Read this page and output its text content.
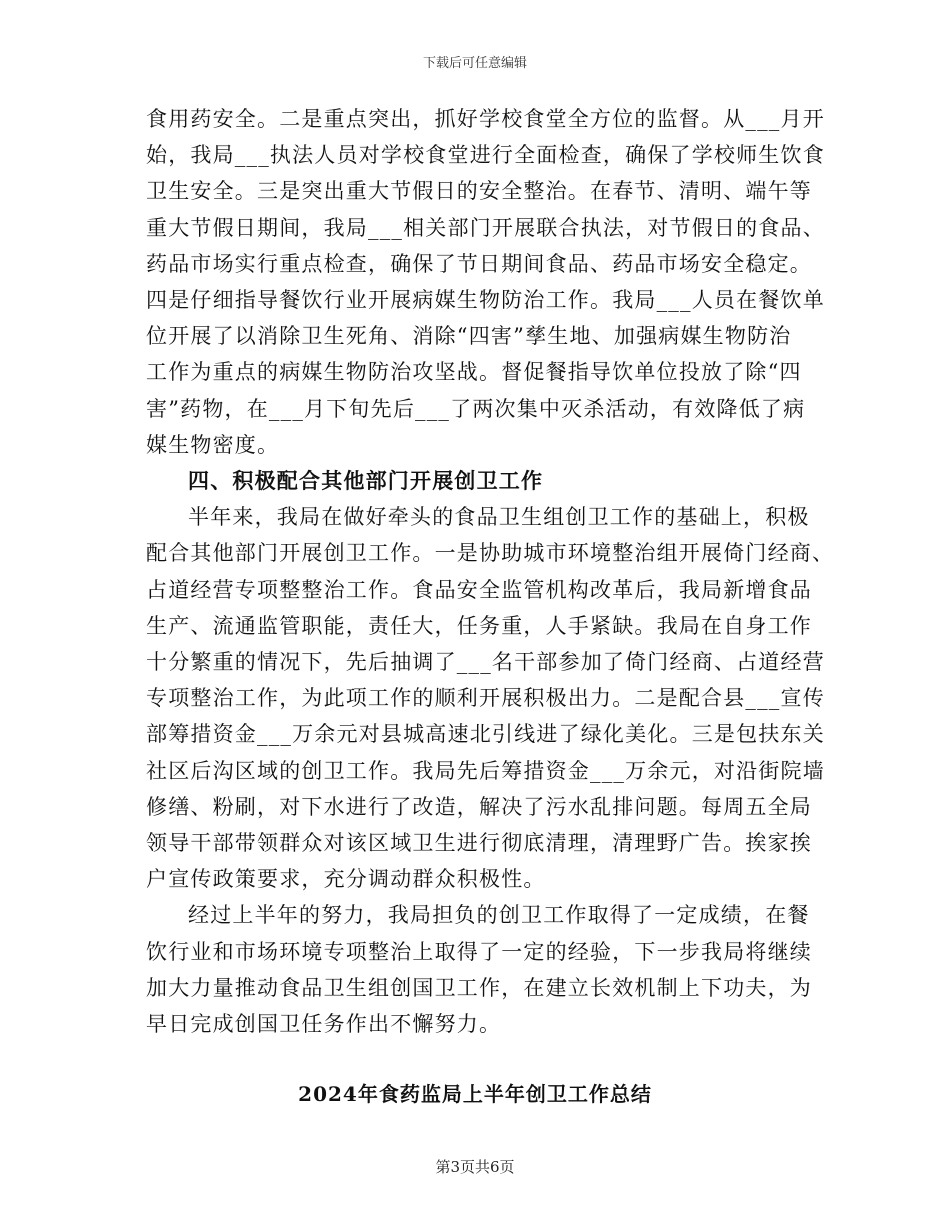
下载后可任意编辑
食用药安全。二是重点突出，抓好学校食堂全方位的监督。从___月开
始，我局___执法人员对学校食堂进行全面检查，确保了学校师生饮食
卫生安全。三是突出重大节假日的安全整治。在春节、清明、端午等
重大节假日期间，我局___相关部门开展联合执法，对节假日的食品、
药品市场实行重点检查，确保了节日期间食品、药品市场安全稳定。
四是仔细指导餐饮行业开展病媒生物防治工作。我局___人员在餐饮单
位开展了以消除卫生死角、消除“四害”孳生地、加强病媒生物防治
工作为重点的病媒生物防治攻坚战。督促餐指导饮单位投放了除“四
害”药物，在___月下旬先后___了两次集中灭杀活动，有效降低了病
媒生物密度。
四、积极配合其他部门开展创卫工作
半年来，我局在做好牵头的食品卫生组创卫工作的基础上，积极
配合其他部门开展创卫工作。一是协助城市环境整治组开展倚门经商、
占道经营专项整整治工作。食品安全监管机构改革后，我局新增食品
生产、流通监管职能，责任大，任务重，人手紧缺。我局在自身工作
十分繁重的情况下，先后抽调了___名干部参加了倚门经商、占道经营
专项整治工作，为此项工作的顺利开展积极出力。二是配合县___宣传
部筹措资金___万余元对县城高速北引线进了绿化美化。三是包扶东关
社区后沟区域的创卫工作。我局先后筹措资金___万余元，对沿街院墙
修缮、粉刷，对下水进行了改造，解决了污水乱排问题。每周五全局
领导干部带领群众对该区域卫生进行彻底清理，清理野广告。挨家挨
户宣传政策要求，充分调动群众积极性。
经过上半年的努力，我局担负的创卫工作取得了一定成绩，在餐
饮行业和市场环境专项整治上取得了一定的经验，下一步我局将继续
加大力量推动食品卫生组创国卫工作，在建立长效机制上下功夫，为
早日完成创国卫任务作出不懈努力。
2024年食药监局上半年创卫工作总结
第3页共6页
